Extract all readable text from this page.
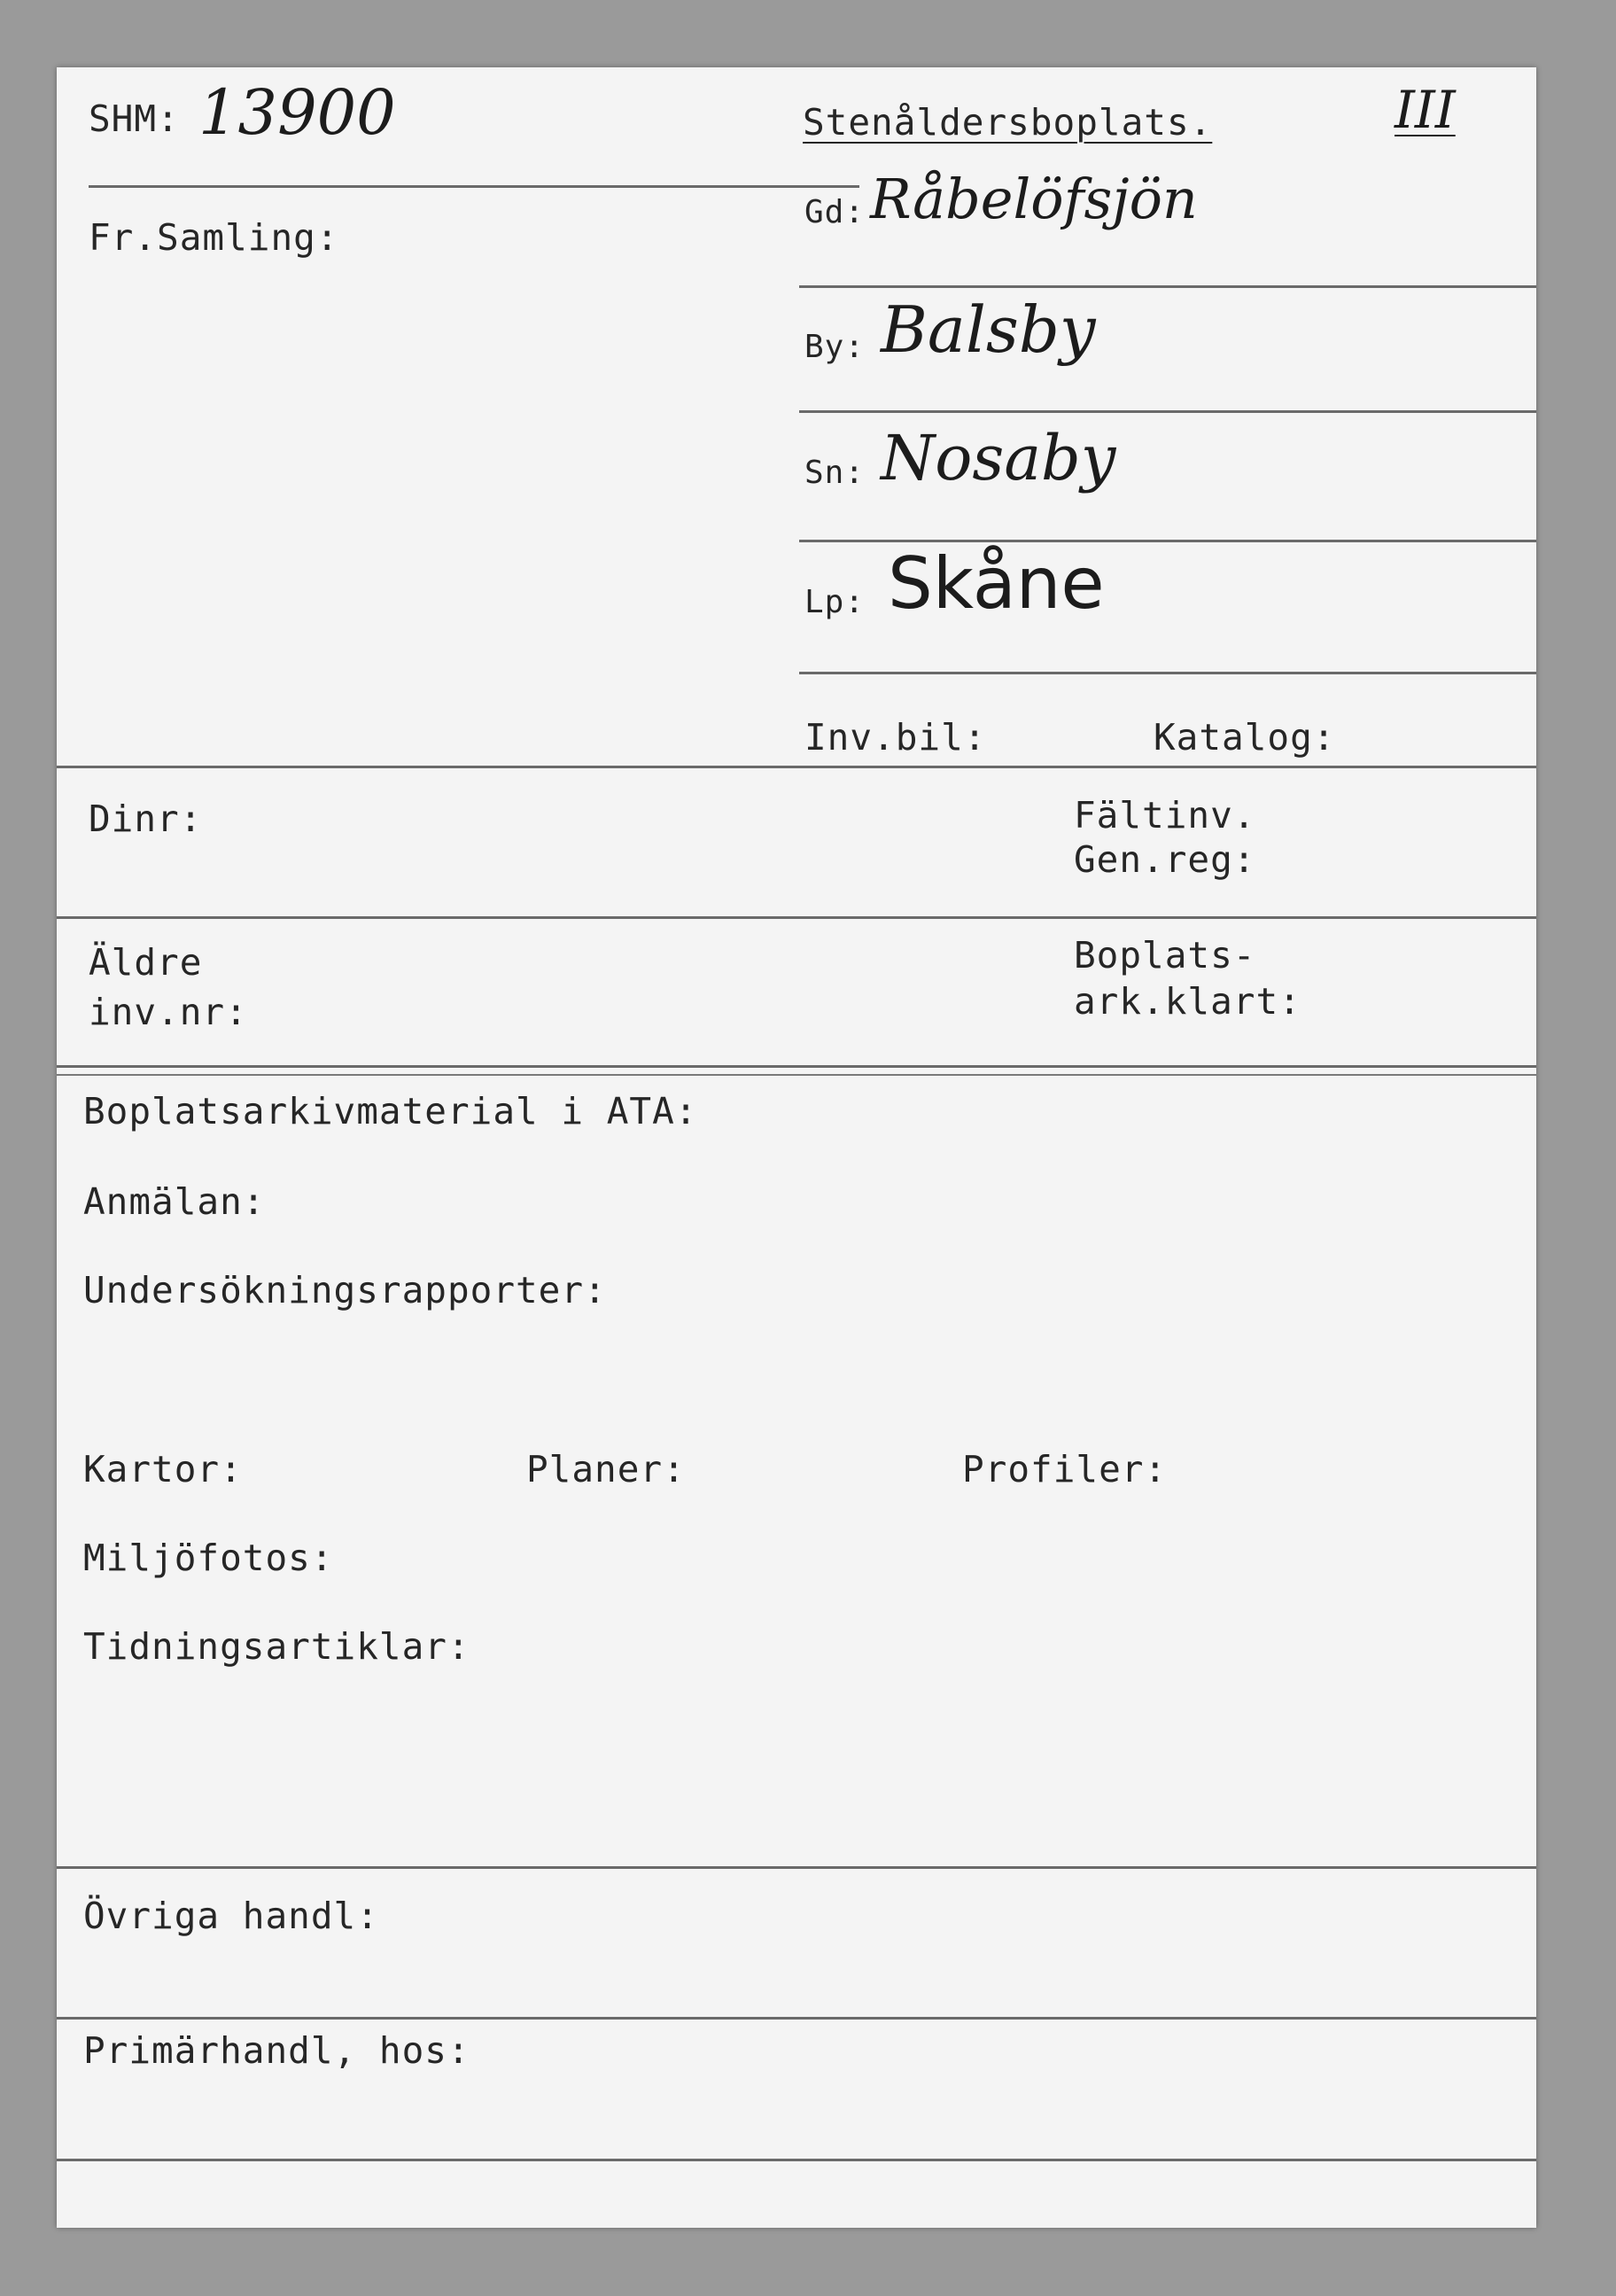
SHM: 13900	Stenåldersboplats.	III
Fr.Samling:
Gd: Råbelöfsjön
By: Balsby
Sn: Nosaby
Lp: Skåne
Inv.bil:	Katalog:
Dinr:	Fältinv.
Gen.reg:
Äldre
inv.nr:
Boplats-
ark.klart:
Boplatsarkivmaterial i ATA:
Anmälan:
Undersökningsrapporter:
Kartor:	Planer:	Profiler:
Miljöfotos:
Tidningsartiklar:
Övriga handl:
Primärhandl, hos:
